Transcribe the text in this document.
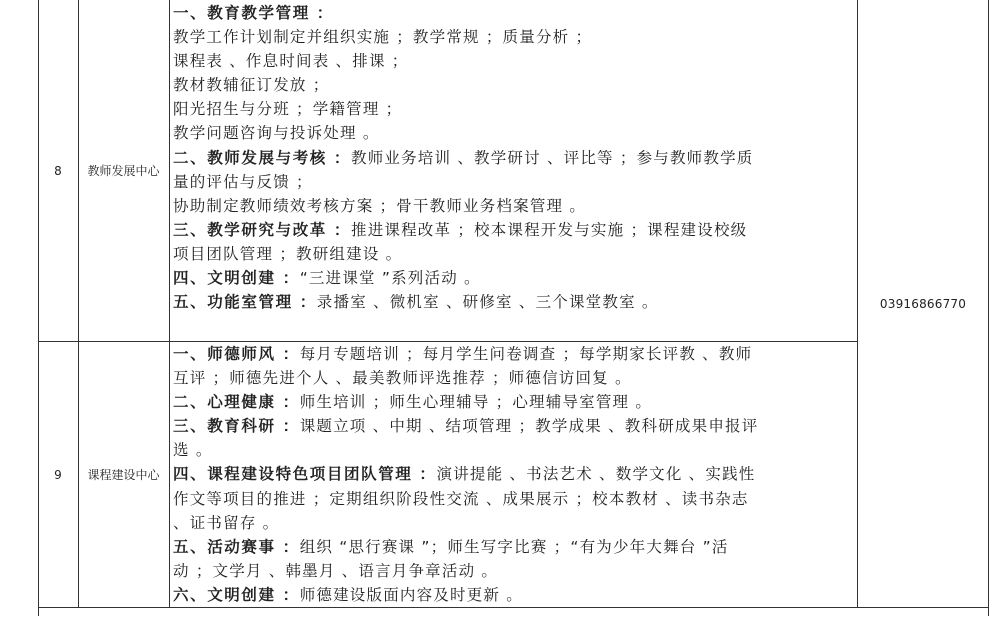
8	教师发展中心
一、教育教学管理 ：
教学工作计划制定并组织实施 ；教学常规 ；质量分析 ；
课程表 、作息时间表 、排课 ；
教材教辅征订发放 ；
阳光招生与分班 ；学籍管理 ；
教学问题咨询与投诉处理 。
二、教师发展与考核 ：教师业务培训 、教学研讨 、评比等 ；参与教师教学质
量的评估与反馈 ；
协助制定教师绩效考核方案 ；骨干教师业务档案管理 。
三、教学研究与改革 ：推进课程改革 ；校本课程开发与实施 ；课程建设校级
项目团队管理 ；教研组建设 。
四、文明创建 ：“三进课堂 ”系列活动 。
五、功能室管理 ：录播室 、微机室 、研修室 、三个课堂教室 。
9	课程建设中心
一、师德师风 ：每月专题培训 ；每月学生问卷调查 ；每学期家长评教 、教师
互评 ；师德先进个人 、最美教师评选推荐 ；师德信访回复 。
二、心理健康 ：师生培训 ；师生心理辅导 ；心理辅导室管理 。
三、教育科研 ：课题立项 、中期 、结项管理 ；教学成果 、教科研成果申报评
选 。
四、课程建设特色项目团队管理 ：演讲提能 、书法艺术 、数学文化 、实践性
作文等项目的推进 ；定期组织阶段性交流 、成果展示 ；校本教材 、读书杂志
、证书留存 。
五、活动赛事 ：组织 “思行赛课 ”；师生写字比赛 ；“有为少年大舞台 ”活
动 ；文学月 、韩墨月 、语言月争章活动 。
六、文明创建 ：师德建设版面内容及时更新 。
03916866770
